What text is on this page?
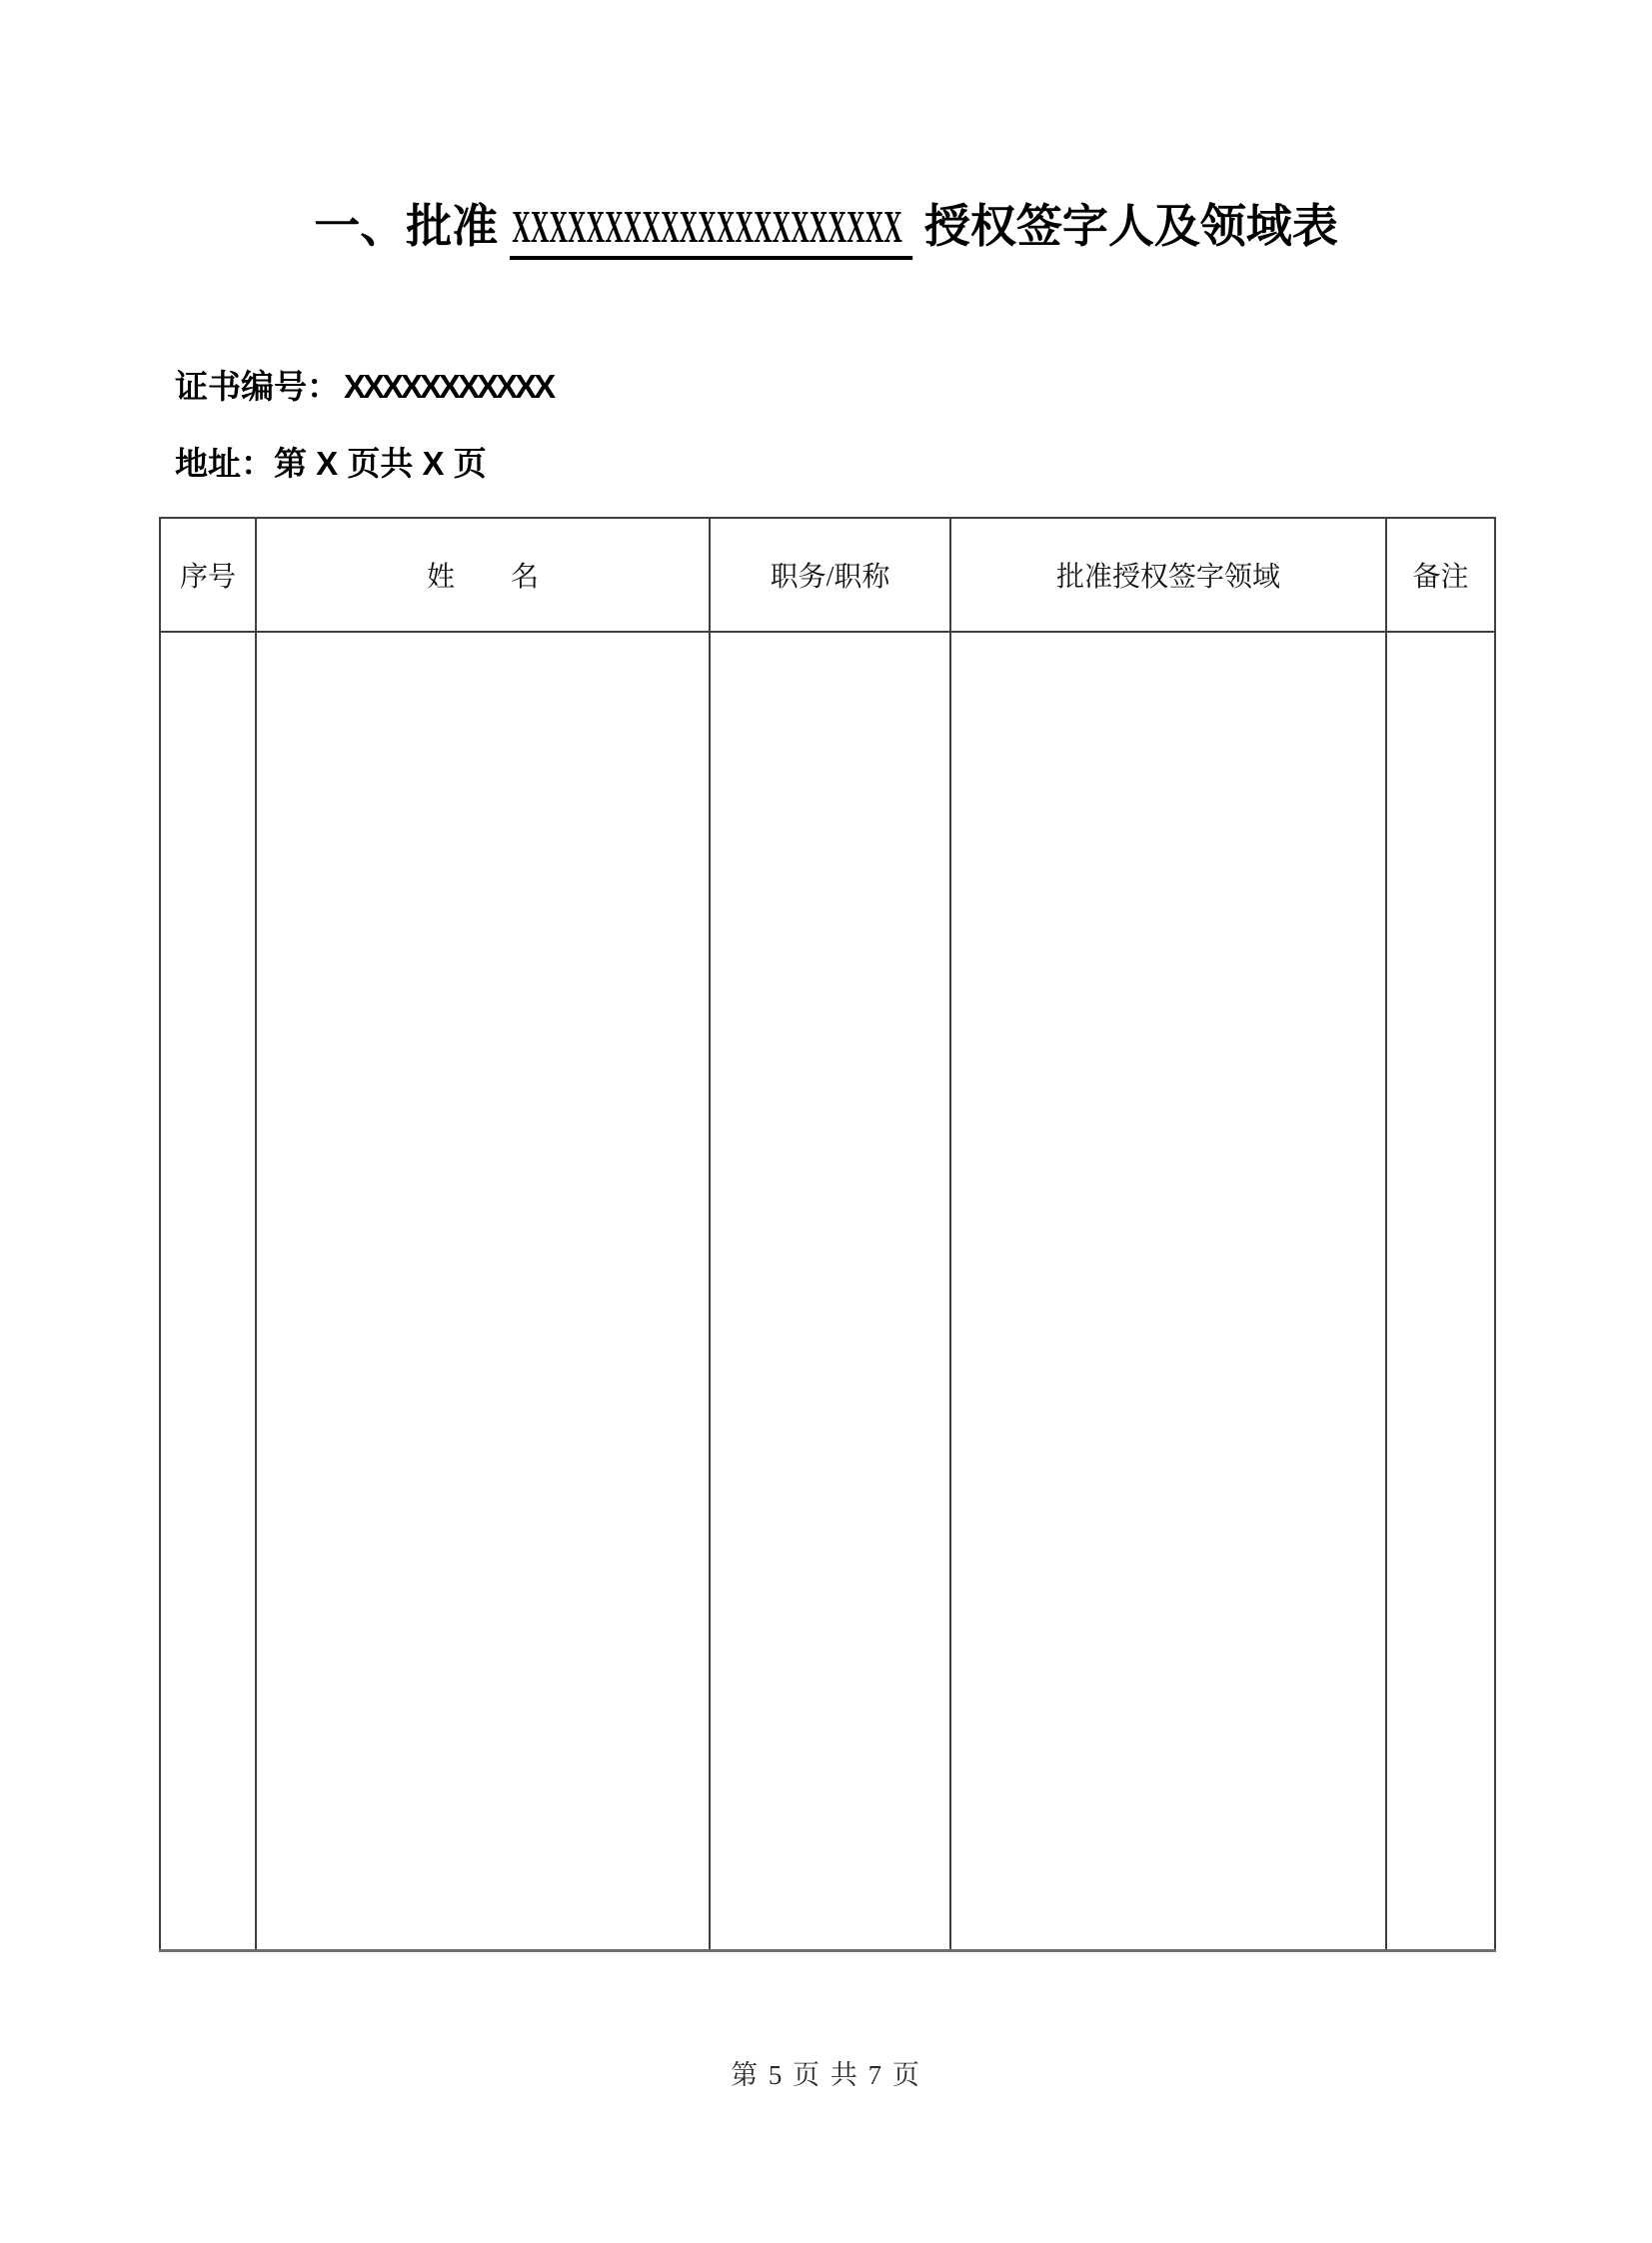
一、批准 XXXXXXXXXXXXXXXXXXXXX 授权签字人及领域表
证书编号： XXXXXXXXXXX
地址：第 X 页共 X 页
序号	姓　　名	职务/职称	批准授权签字领域	备注

第 5 页 共 7 页
